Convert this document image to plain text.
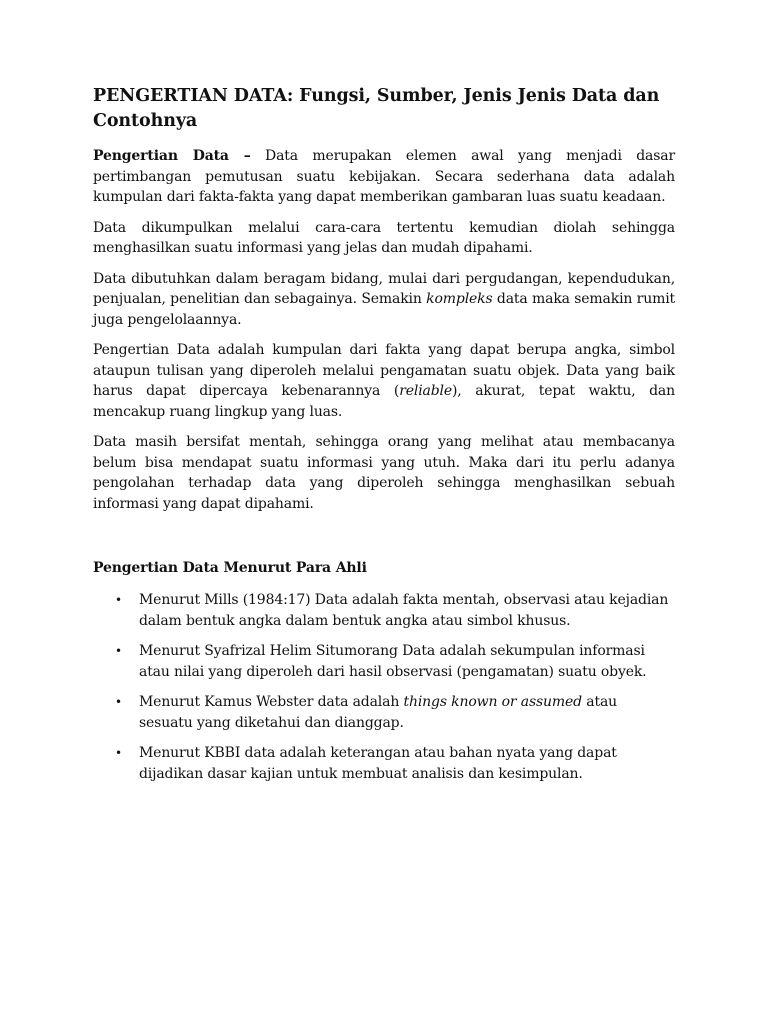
PENGERTIAN DATA: Fungsi, Sumber, Jenis Jenis Data dan Contohnya

Pengertian Data – Data merupakan elemen awal yang menjadi dasar pertimbangan pemutusan suatu kebijakan. Secara sederhana data adalah kumpulan dari fakta-fakta yang dapat memberikan gambaran luas suatu keadaan.

Data dikumpulkan melalui cara-cara tertentu kemudian diolah sehingga menghasilkan suatu informasi yang jelas dan mudah dipahami.

Data dibutuhkan dalam beragam bidang, mulai dari pergudangan, kependudukan, penjualan, penelitian dan sebagainya. Semakin kompleks data maka semakin rumit juga pengelolaannya.

Pengertian Data adalah kumpulan dari fakta yang dapat berupa angka, simbol ataupun tulisan yang diperoleh melalui pengamatan suatu objek. Data yang baik harus dapat dipercaya kebenarannya (reliable), akurat, tepat waktu, dan mencakup ruang lingkup yang luas.

Data masih bersifat mentah, sehingga orang yang melihat atau membacanya belum bisa mendapat suatu informasi yang utuh. Maka dari itu perlu adanya pengolahan terhadap data yang diperoleh sehingga menghasilkan sebuah informasi yang dapat dipahami.

Pengertian Data Menurut Para Ahli
• Menurut Mills (1984:17) Data adalah fakta mentah, observasi atau kejadian dalam bentuk angka dalam bentuk angka atau simbol khusus.
• Menurut Syafrizal Helim Situmorang Data adalah sekumpulan informasi atau nilai yang diperoleh dari hasil observasi (pengamatan) suatu obyek.
• Menurut Kamus Webster data adalah things known or assumed atau sesuatu yang diketahui dan dianggap.
• Menurut KBBI data adalah keterangan atau bahan nyata yang dapat dijadikan dasar kajian untuk membuat analisis dan kesimpulan.
